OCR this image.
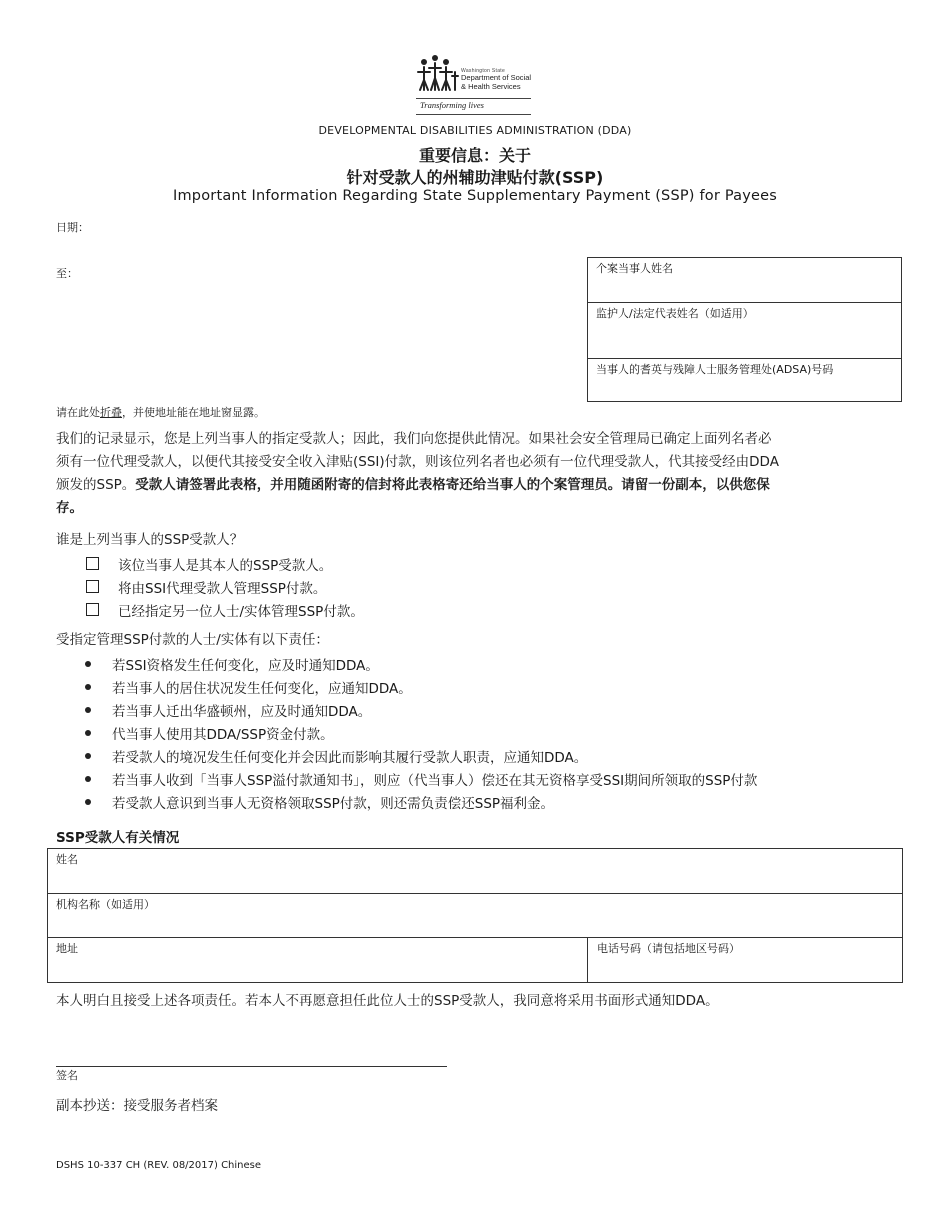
Washington State
Department of Social
& Health Services
Transforming lives
DEVELOPMENTAL DISABILITIES ADMINISTRATION (DDA)
重要信息：关于
针对受款人的州辅助津贴付款(SSP)
Important Information Regarding State Supplementary Payment (SSP) for Payees
日期：
至：	个案当事人姓名
监护人/法定代表姓名（如适用）
当事人的耆英与残障人士服务管理处(ADSA)号码
请在此处折叠，并使地址能在地址窗显露。
我们的记录显示，您是上列当事人的指定受款人；因此，我们向您提供此情况。如果社会安全管理局已确定上面列名者必
须有一位代理受款人，以便代其接受安全收入津贴(SSI)付款，则该位列名者也必须有一位代理受款人，代其接受经由DDA
颁发的SSP。受款人请签署此表格，并用随函附寄的信封将此表格寄还给当事人的个案管理员。请留一份副本，以供您保
存。
谁是上列当事人的SSP受款人？
该位当事人是其本人的SSP受款人。
将由SSI代理受款人管理SSP付款。
已经指定另一位人士/实体管理SSP付款。
受指定管理SSP付款的人士/实体有以下责任：
若SSI资格发生任何变化，应及时通知DDA。
若当事人的居住状况发生任何变化，应通知DDA。
若当事人迁出华盛顿州，应及时通知DDA。
代当事人使用其DDA/SSP资金付款。
若受款人的境况发生任何变化并会因此而影响其履行受款人职责，应通知DDA。
若当事人收到「当事人SSP溢付款通知书」，则应（代当事人）偿还在其无资格享受SSI期间所领取的SSP付款
若受款人意识到当事人无资格领取SSP付款，则还需负责偿还SSP福利金。
SSP受款人有关情况
姓名
机构名称（如适用）
地址	电话号码（请包括地区号码）
本人明白且接受上述各项责任。若本人不再愿意担任此位人士的SSP受款人，我同意将采用书面形式通知DDA。
签名
副本抄送：接受服务者档案
DSHS 10-337 CH (REV. 08/2017) Chinese
